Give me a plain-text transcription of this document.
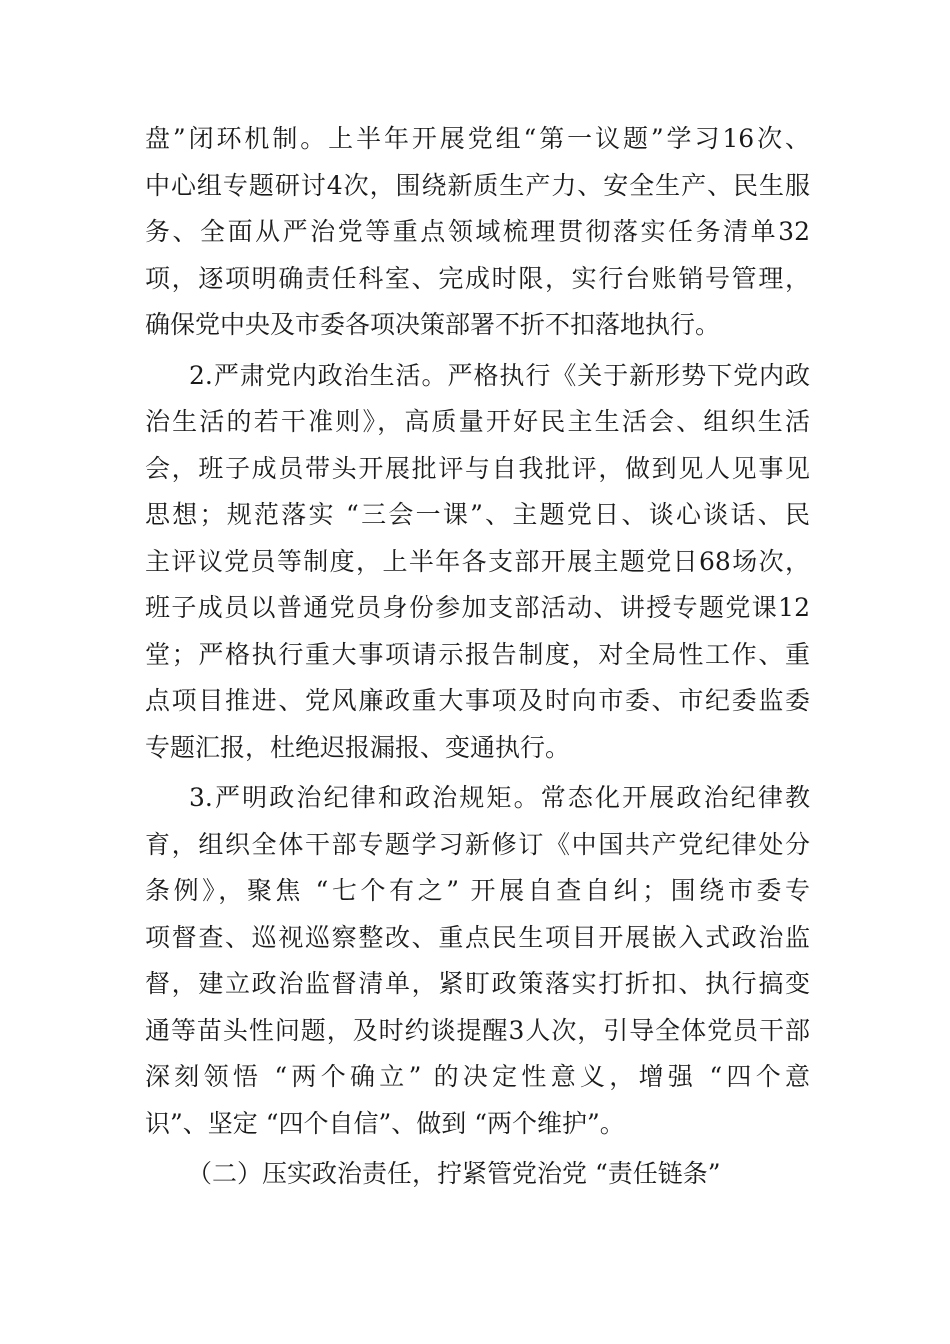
盘”闭环机制。上半年开展党组“第一议题”学习16次、
中心组专题研讨4次，围绕新质生产力、安全生产、民生服
务、全面从严治党等重点领域梳理贯彻落实任务清单32
项，逐项明确责任科室、完成时限，实行台账销号管理，
确保党中央及市委各项决策部署不折不扣落地执行。
2.严肃党内政治生活。严格执行《关于新形势下党内政
治生活的若干准则》，高质量开好民主生活会、组织生活
会，班子成员带头开展批评与自我批评，做到见人见事见
思想；规范落实 “三会一课”、主题党日、谈心谈话、民
主评议党员等制度，上半年各支部开展主题党日68场次，
班子成员以普通党员身份参加支部活动、讲授专题党课12
堂；严格执行重大事项请示报告制度，对全局性工作、重
点项目推进、党风廉政重大事项及时向市委、市纪委监委
专题汇报，杜绝迟报漏报、变通执行。
3.严明政治纪律和政治规矩。常态化开展政治纪律教
育，组织全体干部专题学习新修订《中国共产党纪律处分
条例》，聚焦 “七个有之” 开展自查自纠；围绕市委专
项督查、巡视巡察整改、重点民生项目开展嵌入式政治监
督，建立政治监督清单，紧盯政策落实打折扣、执行搞变
通等苗头性问题，及时约谈提醒3人次，引导全体党员干部
深刻领悟 “两个确立” 的决定性意义，增强 “四个意
识”、坚定 “四个自信”、做到 “两个维护”。
（二）压实政治责任，拧紧管党治党 “责任链条”
